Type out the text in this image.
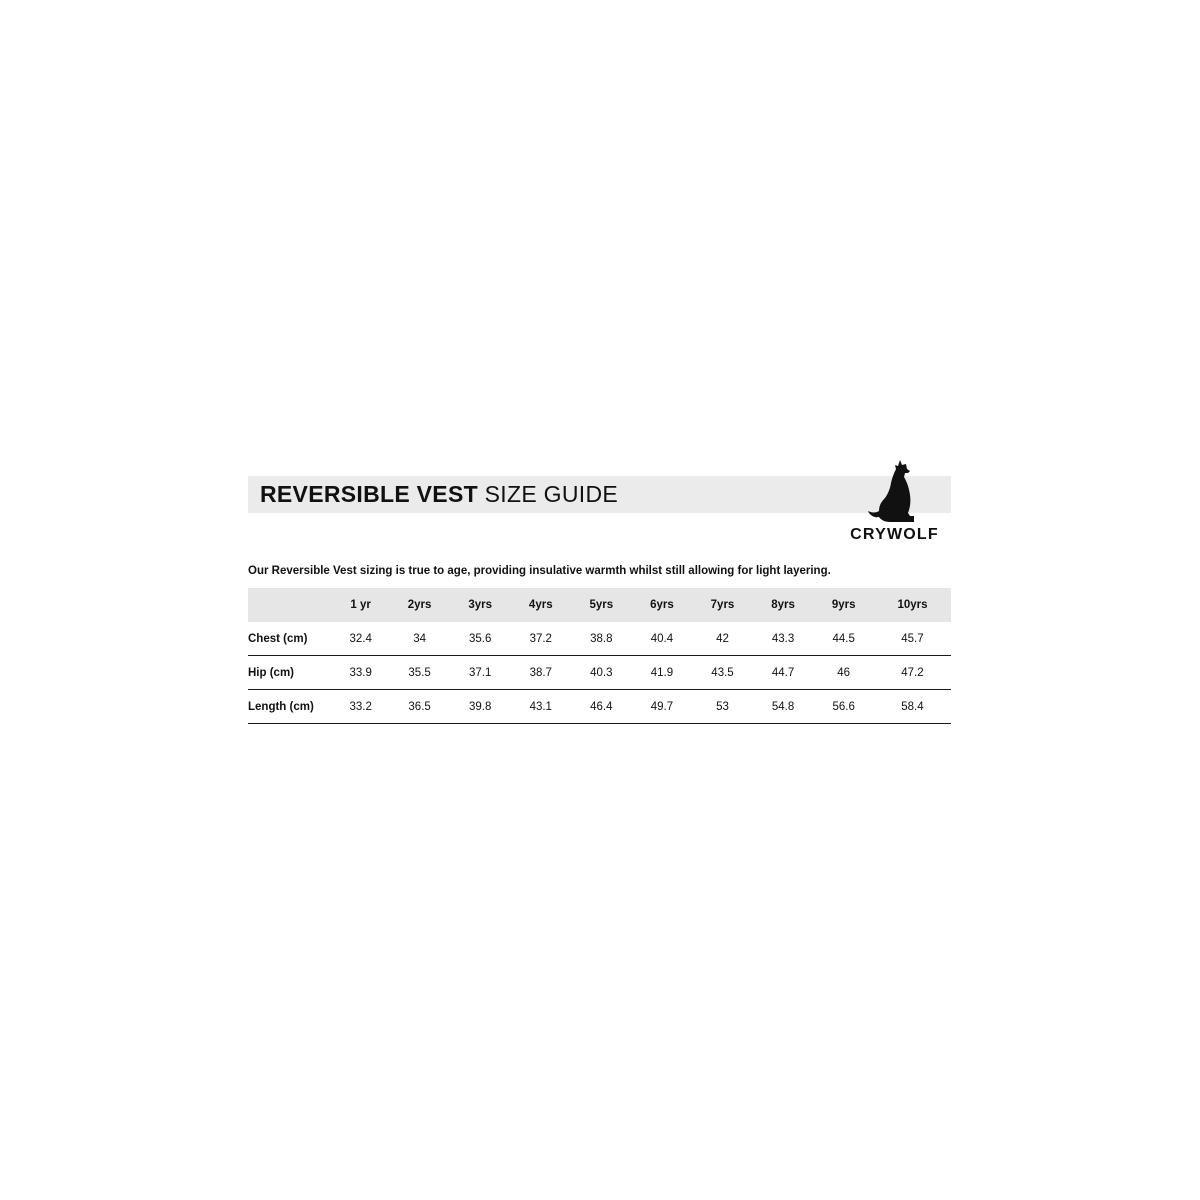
REVERSIBLE VEST SIZE GUIDE
CRYWOLF
Our Reversible Vest sizing is true to age, providing insulative warmth whilst still allowing for light layering.
	1 yr	2yrs	3yrs	4yrs	5yrs	6yrs	7yrs	8yrs	9yrs	10yrs
Chest (cm)	32.4	34	35.6	37.2	38.8	40.4	42	43.3	44.5	45.7
Hip (cm)	33.9	35.5	37.1	38.7	40.3	41.9	43.5	44.7	46	47.2
Length (cm)	33.2	36.5	39.8	43.1	46.4	49.7	53	54.8	56.6	58.4
